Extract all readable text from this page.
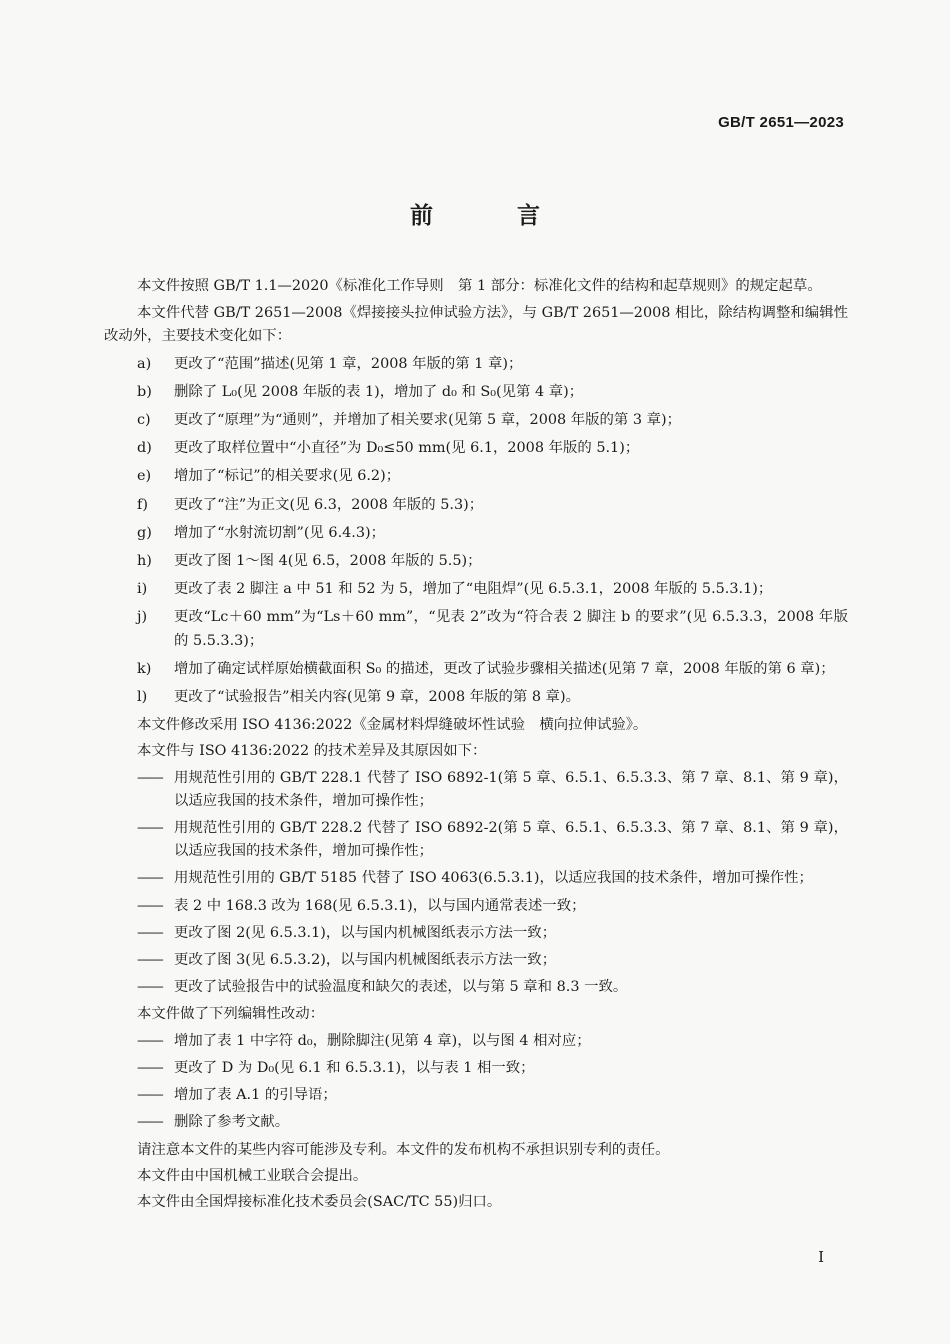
GB/T 2651—2023
前 言

本文件按照 GB/T 1.1—2020《标准化工作导则　第 1 部分：标准化文件的结构和起草规则》的规定起草。

本文件代替 GB/T 2651—2008《焊接接头拉伸试验方法》，与 GB/T 2651—2008 相比，除结构调整和编辑性改动外，主要技术变化如下：

a) 更改了“范围”描述(见第 1 章，2008 年版的第 1 章)；
b) 删除了 L₀(见 2008 年版的表 1)，增加了 d₀ 和 S₀(见第 4 章)；
c) 更改了“原理”为“通则”，并增加了相关要求(见第 5 章，2008 年版的第 3 章)；
d) 更改了取样位置中“小直径”为 D₀≤50 mm(见 6.1，2008 年版的 5.1)；
e) 增加了“标记”的相关要求(见 6.2)；
f) 更改了“注”为正文(见 6.3，2008 年版的 5.3)；
g) 增加了“水射流切割”(见 6.4.3)；
h) 更改了图 1～图 4(见 6.5，2008 年版的 5.5)；
i) 更改了表 2 脚注 a 中 51 和 52 为 5，增加了“电阻焊”(见 6.5.3.1，2008 年版的 5.5.3.1)；
j) 更改“Lc＋60 mm”为“Ls＋60 mm”，“见表 2”改为“符合表 2 脚注 b 的要求”(见 6.5.3.3，2008 年版的 5.5.3.3)；
k) 增加了确定试样原始横截面积 S₀ 的描述，更改了试验步骤相关描述(见第 7 章，2008 年版的第 6 章)；
l) 更改了“试验报告”相关内容(见第 9 章，2008 年版的第 8 章)。

本文件修改采用 ISO 4136:2022《金属材料焊缝破坏性试验　横向拉伸试验》。

本文件与 ISO 4136:2022 的技术差异及其原因如下：

—— 用规范性引用的 GB/T 228.1 代替了 ISO 6892-1(第 5 章、6.5.1、6.5.3.3、第 7 章、8.1、第 9 章)，以适应我国的技术条件，增加可操作性；
—— 用规范性引用的 GB/T 228.2 代替了 ISO 6892-2(第 5 章、6.5.1、6.5.3.3、第 7 章、8.1、第 9 章)，以适应我国的技术条件，增加可操作性；
—— 用规范性引用的 GB/T 5185 代替了 ISO 4063(6.5.3.1)，以适应我国的技术条件，增加可操作性；
—— 表 2 中 168.3 改为 168(见 6.5.3.1)，以与国内通常表述一致；
—— 更改了图 2(见 6.5.3.1)，以与国内机械图纸表示方法一致；
—— 更改了图 3(见 6.5.3.2)，以与国内机械图纸表示方法一致；
—— 更改了试验报告中的试验温度和缺欠的表述，以与第 5 章和 8.3 一致。

本文件做了下列编辑性改动：

—— 增加了表 1 中字符 d₀，删除脚注(见第 4 章)，以与图 4 相对应；
—— 更改了 D 为 D₀(见 6.1 和 6.5.3.1)，以与表 1 相一致；
—— 增加了表 A.1 的引导语；
—— 删除了参考文献。

请注意本文件的某些内容可能涉及专利。本文件的发布机构不承担识别专利的责任。

本文件由中国机械工业联合会提出。

本文件由全国焊接标准化技术委员会(SAC/TC 55)归口。

I
